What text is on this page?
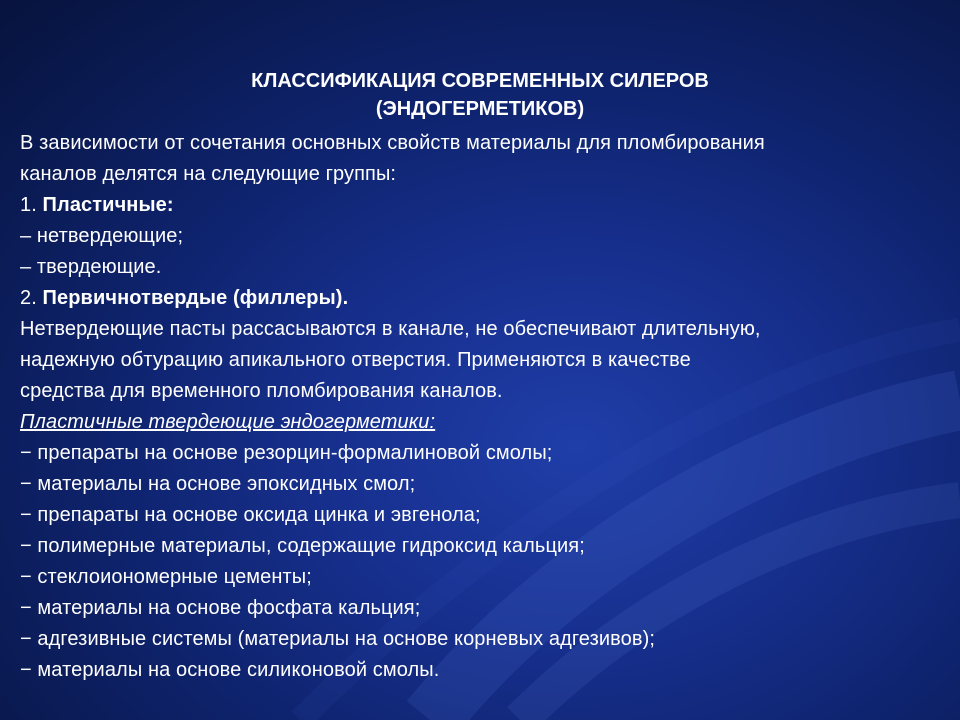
КЛАССИФИКАЦИЯ СОВРЕМЕННЫХ СИЛЕРОВ
(ЭНДОГЕРМЕТИКОВ)
В зависимости от сочетания основных свойств материалы для пломбирования
каналов делятся на следующие группы:
1. Пластичные:
– нетвердеющие;
– твердеющие.
2. Первичнотвердые (филлеры).
Нетвердеющие пасты рассасываются в канале, не обеспечивают длительную,
надежную обтурацию апикального отверстия. Применяются в качестве
средства для временного пломбирования каналов.
Пластичные твердеющие эндогерметики:
− препараты на основе резорцин-формалиновой смолы;
− материалы на основе эпоксидных смол;
− препараты на основе оксида цинка и эвгенола;
− полимерные материалы, содержащие гидроксид кальция;
− стеклоиономерные цементы;
− материалы на основе фосфата кальция;
− адгезивные системы (материалы на основе корневых адгезивов);
− материалы на основе силиконовой смолы.
